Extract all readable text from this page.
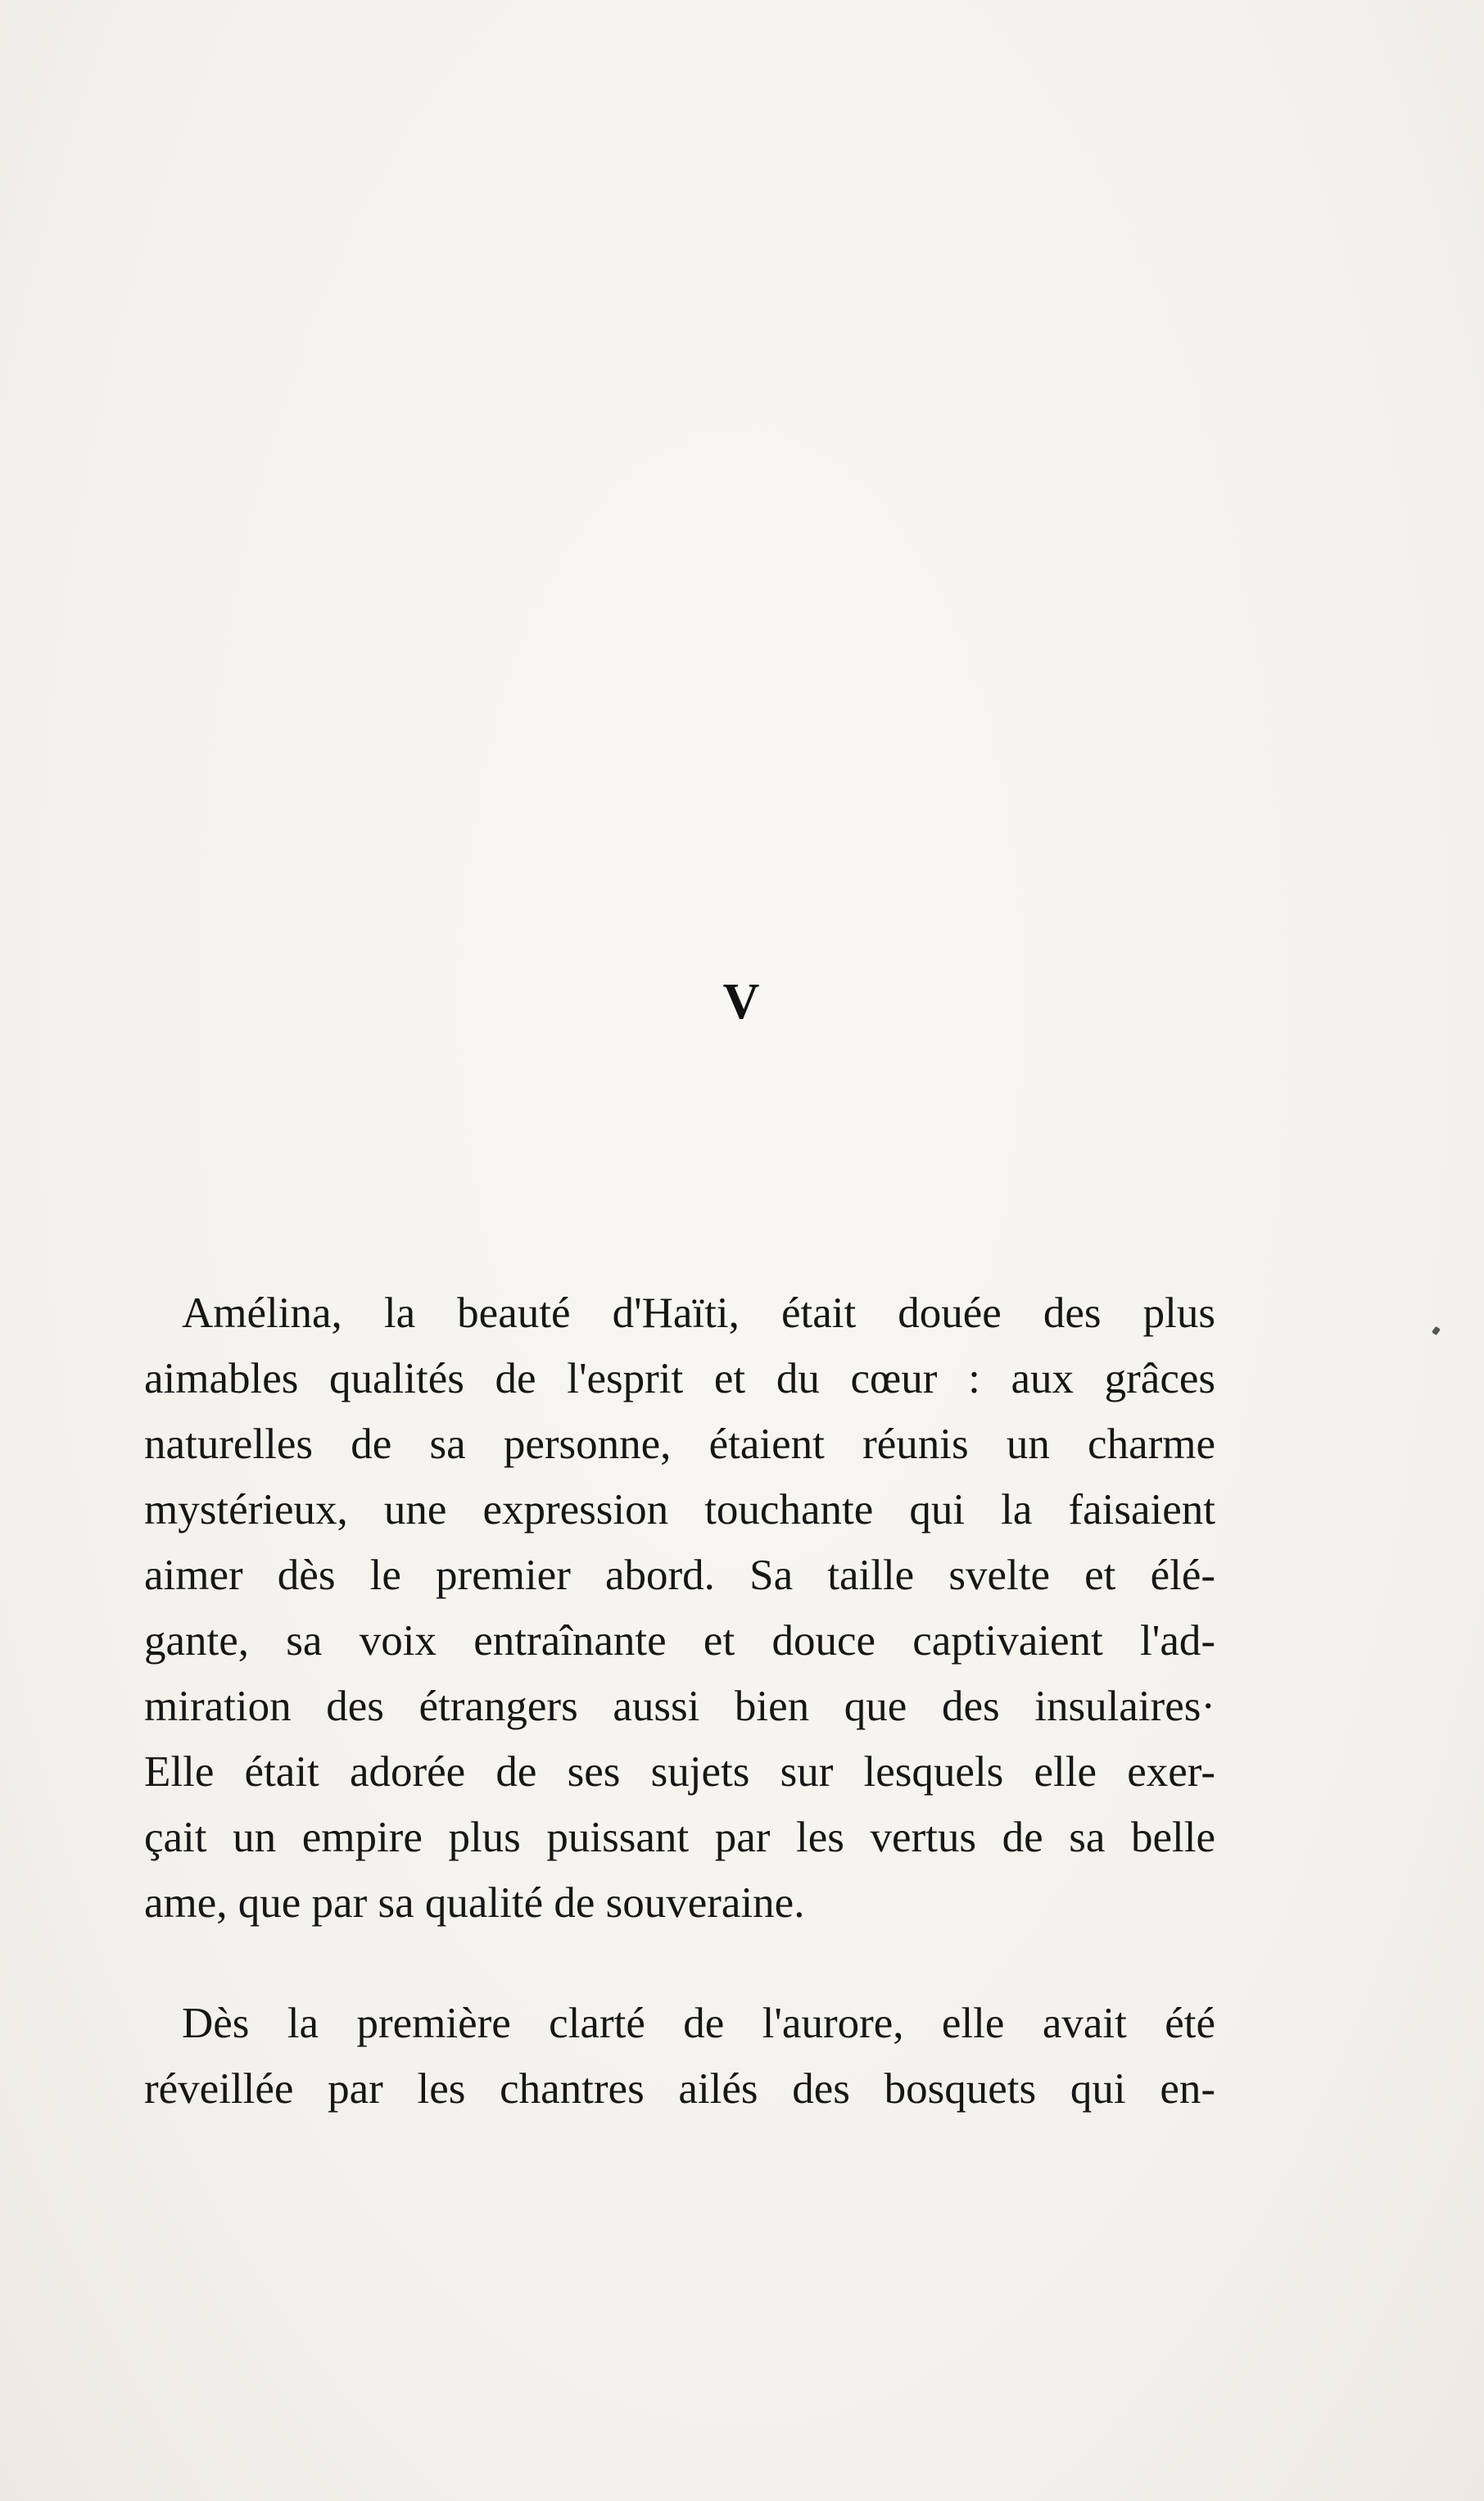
V
Amélina, la beauté d'Haïti, était douée des plus
aimables qualités de l'esprit et du cœur : aux grâces
naturelles de sa personne, étaient réunis un charme
mystérieux, une expression touchante qui la faisaient
aimer dès le premier abord. Sa taille svelte et élé-
gante, sa voix entraînante et douce captivaient l'ad-
miration des étrangers aussi bien que des insulaires·
Elle était adorée de ses sujets sur lesquels elle exer-
çait un empire plus puissant par les vertus de sa belle
ame, que par sa qualité de souveraine.
Dès la première clarté de l'aurore, elle avait été
réveillée par les chantres ailés des bosquets qui en-
